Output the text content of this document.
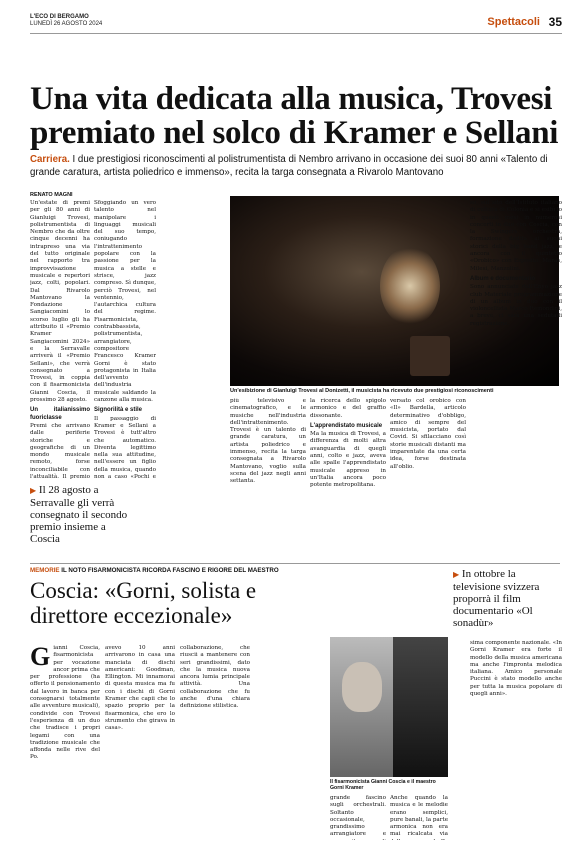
L'ECO DI BERGAMO
LUNEDÌ 26 AGOSTO 2024	Spettacoli 35
Una vita dedicata alla musica, Trovesi premiato nel solco di Kramer e Sellani
Carriera. I due prestigiosi riconoscimenti al polistrumentista di Nembro arrivano in occasione dei suoi 80 anni «Talento di grande caratura, artista poliedrico e immenso», recita la targa consegnata a Rivarolo Mantovano
RENATO MAGNI

Un'estate di premi per gli 80 anni di Gianluigi Trovesi, polistrumentista di Nembro che da oltre cinque decenni ha intrapreso una via del tutto originale nel rapporto tra improvvisazione musicale e repertori jazz, colti, popolari. Dal Rivarolo Mantovano la Fondazione Sangiacomini lo scorso luglio gli ha attribuito il «Premio Kramer Sangiacomini 2024» e la Serravalle arriverà il «Premio Sellani», che verrà consegnato a Trovesi, in coppia con il fisarmonicista Gianni Coscia, il prossimo 28 agosto.

Un italianissimo fuoriclasse

Premi che arrivano dalle periferie storiche e geografiche di un mondo musicale remoto, forse inconciliabile con l'attualità. Il premio

Sfoggiando un vero talento nel manipolare i linguaggi musicali del suo tempo, coniugando l'intrattenimento popolare con la passione per la musica a stelle e strisce, jazz compreso. Sì dunque, perciò Trovesi, nel ventennio, l'autarchica cultura del regime. Fisarmonicista, contrabbassista, polistrumentista, arrangiatore, compositore Francesco Kramer Gorni è stato protagonista in Italia dell'avvento dell'industria musicale saldando la canzone alla musica.

Signorilità e stile

Il passaggio di Kramer e Sellani a Trovesi è tutt'altro che automatico. Diventa legittimo nella sua attitudine, nell'essere un figlio della musica, quando non a caso «Pochi e

Un'esibizione di Gianluigi Trovesi al Donizetti, il musicista ha ricevuto due prestigiosi riconoscimenti

più televisivo e cinematografico, e le musiche nell'industria dell'intrattenimento. Trovesi è un talento di grande caratura, un artista poliedrico e immenso, recita la targa consegnata a Rivarolo Mantovano, voglio sulla scena del jazz negli anni settanta.

la ricerca dello spigolo armonico e del graffio dissonante.

L'apprendistato musicale

Ma la musica di Trovesi, a differenza di molti altra avanguardia di quegli anni, colto e jazz, aveva alle spalle l'apprendistato musicale appreso in un'Italia ancora poco potente metropolitana.

versato col orobico con «Il» Bardella, articolo determinativo d'obbligo, amico di sempre del musicista, portato dal Covid. Si sfilacciano così storie musicali distanti ma imparentate da una certa idea, forse destinata all'oblio.

▶ Il 28 agosto a Serravalle gli verrà consegnato il secondo premio insieme a Coscia

so, sul sito dell'Istituto italiano di cultura di Colonia e si esibì lo in questi mesi in numerosi concerti in duo con Coscia, con la Swingers orchestra, formazione dedita ai suoni storici della big band jazz, e ancora con il quintetto «Orobico» con Esposito, Maras, Milesi, Manzolini.

Album e documentario

Sono annunciate dell'Enyo jazz club Materiale programmazione di un album in duo con il violoncellista Marco Remondini, a breve, ci sarà una sedutadi registrazione.

▶ In ottobre la televisione svizzera proporrà il film documentario «Ol sonadùr»
MEMORIE IL NOTO FISARMONICISTA RICORDA FASCINO E RIGORE DEL MAESTRO
Coscia: «Gorni, solista e direttore eccezionale»
G ianni Coscia, fisarmonicista per vocazione ancor prima che per professione (ha offerto il pensionamento dal lavoro in banca per consegnarsi totalmente alle avventure musicali), condivide con Trovesi l'esperienza di un duo che tradisce i propri legami con una tradizione musicale che affonda nelle rive del Po.

avevo 10 anni arrivarono in casa una manciata di dischi americani: Goodman, Ellington. Mi innamorai di questa musica ma fu con i dischi di Gorni Kramer che capii che lo spazio proprio per la fisarmonica, che ero lo strumento che girava in casa».

collaborazione, che riuscii a mantenere con seri grandissimi, dato che la musica nuova ancora lumia principale attività. Una collaborazione che fu anche d'una chiara definizione stilistica.

Il fisarmonicista Gianni Coscia e il maestro Gorni Kramer

grande fascino sugli orchestrali. Soltanto occasionale, grandissimo arrangiatore e

Anche quando la musica e le melodie erano semplici, pure banali, la parte armonica non era mai ricalcata via

sima componente nazionale. «In Gorni Kramer era forte il modello della musica americana ma anche l'impronta melodica italiana. Amico personale Puccini è stato modello anche per tutta la musica popolare di quegli anni».
